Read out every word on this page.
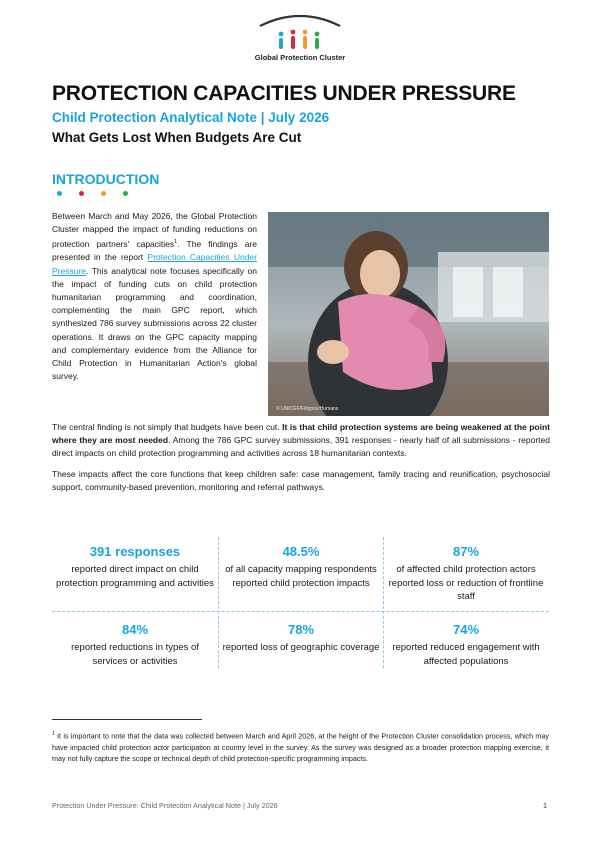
Global Protection Cluster
PROTECTION CAPACITIES UNDER PRESSURE
Child Protection Analytical Note | July 2026
What Gets Lost When Budgets Are Cut
INTRODUCTION

Between March and May 2026, the Global Protection Cluster mapped the impact of funding reductions on protection partners' capacities$^1$. The findings are presented in the report Protection Capacities Under Pressure. This analytical note focuses specifically on the impact of funding cuts on child protection humanitarian programming and coordination, complementing the main GPC report, which synthesized 786 survey submissions across 22 cluster operations. It draws on the GPC capacity mapping and complementary evidence from the Alliance for Child Protection in Humanitarian Action's global survey.

© UNICEF/Filippov/Humans

The central finding is not simply that budgets have been cut. It is that child protection systems are being weakened at the point where they are most needed. Among the 786 GPC survey submissions, 391 responses - nearly half of all submissions - reported direct impacts on child protection programming and activities across 18 humanitarian contexts.

These impacts affect the core functions that keep children safe: case management, family tracing and reunification, psychosocial support, community-based prevention, monitoring and referral pathways.

391 responses
reported direct impact on child protection programming and activities
48.5%
of all capacity mapping respondents reported child protection impacts
87%
of affected child protection actors reported loss or reduction of frontline staff
84%
reported reductions in types of services or activities
78%
reported loss of geographic coverage
74%
reported reduced engagement with affected populations

$^1$ It is important to note that the data was collected between March and April 2026, at the height of the Protection Cluster consolidation process, which may have impacted child protection actor participation at country level in the survey. As the survey was designed as a broader protection mapping exercise, it may not fully capture the scope or technical depth of child protection-specific programming impacts.

Protection Under Pressure: Child Protection Analytical Note | July 2026	1
